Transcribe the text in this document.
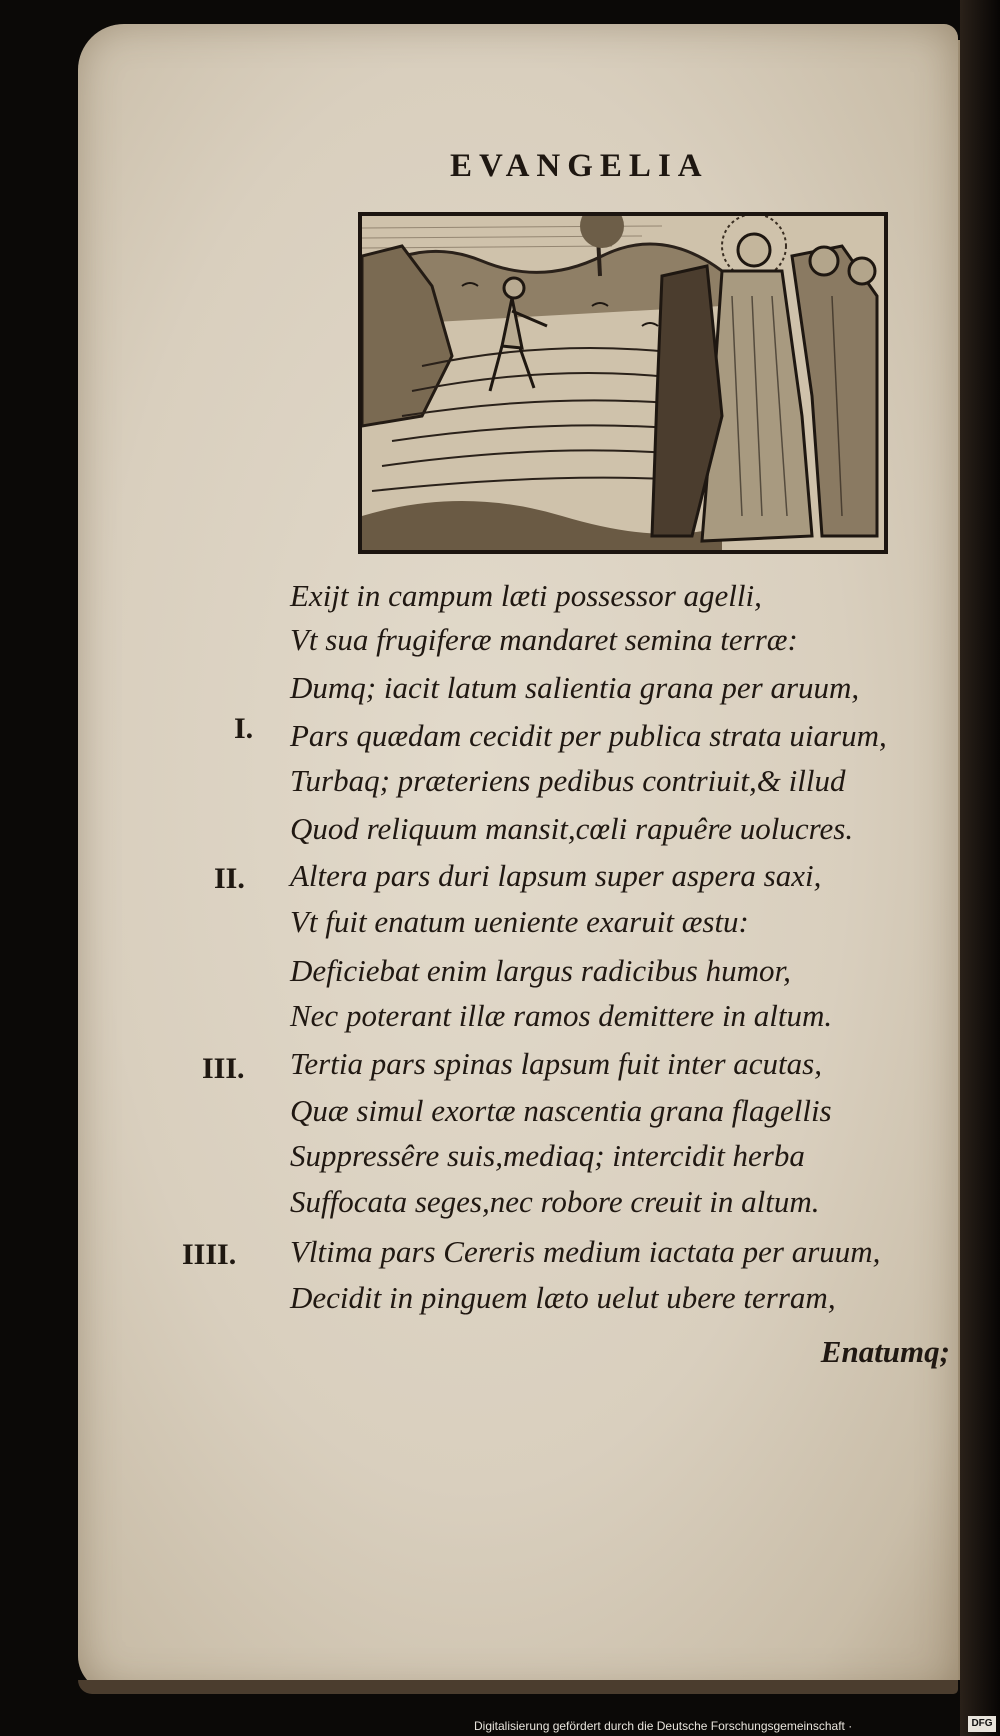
EVANGELIA
Exijt in campum læti possessor agelli,
Vt sua frugiferæ mandaret semina terræ:
Dumq; iacit latum salientia grana per aruum,
I. Pars quædam cecidit per publica strata uiarum,
Turbaq; præteriens pedibus contriuit,& illud
Quod reliquum mansit,cœli rapuêre uolucres.
II. Altera pars duri lapsum super aspera saxi,
Vt fuit enatum ueniente exaruit æstu:
Deficiebat enim largus radicibus humor,
Nec poterant illæ ramos demittere in altum.
III. Tertia pars spinas lapsum fuit inter acutas,
Quæ simul exortæ nascentia grana flagellis
Suppressêre suis,mediaq; intercidit herba
Suffocata seges,nec robore creuit in altum.
IIII. Vltima pars Cereris medium iactata per aruum,
Decidit in pinguem læto uelut ubere terram,
Enatumq;
Digitalisierung gefördert durch die Deutsche Forschungsgemeinschaft ·	DFG
